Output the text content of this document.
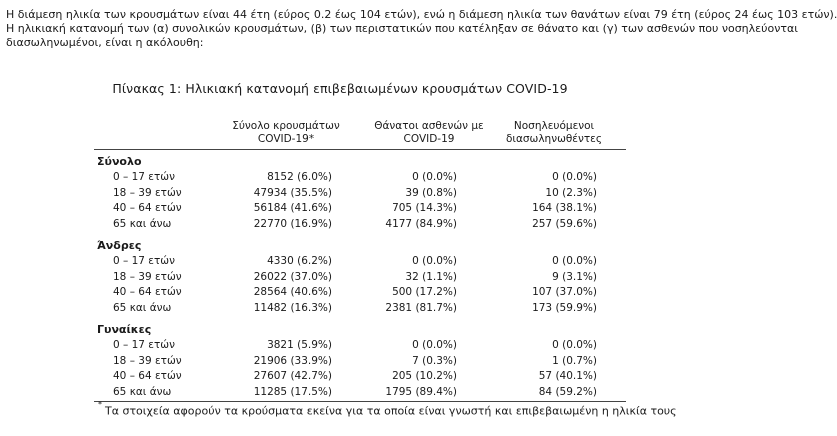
Η διάμεση ηλικία των κρουσμάτων είναι 44 έτη (εύρος 0.2 έως 104 ετών), ενώ η διάμεση ηλικία των θανάτων είναι 79 έτη (εύρος 24 έως 103 ετών).
Η ηλικιακή κατανομή των (α) συνολικών κρουσμάτων, (β) των περιστατικών που κατέληξαν σε θάνατο και (γ) των ασθενών που νοσηλεύονται
διασωληνωμένοι, είναι η ακόλουθη:
Πίνακας 1: Ηλικιακή κατανομή επιβεβαιωμένων κρουσμάτων COVID-19
Σύνολο κρουσμάτων
COVID-19*
Θάνατοι ασθενών με
COVID-19
Νοσηλευόμενοι
διασωληνωθέντες
Σύνολο
0 – 17 ετών	8152 (6.0%)	0 (0.0%)	0 (0.0%)
18 – 39 ετών	47934 (35.5%)	39 (0.8%)	10 (2.3%)
40 – 64 ετών	56184 (41.6%)	705 (14.3%)	164 (38.1%)
65 και άνω	22770 (16.9%)	4177 (84.9%)	257 (59.6%)
Άνδρες
0 – 17 ετών	4330 (6.2%)	0 (0.0%)	0 (0.0%)
18 – 39 ετών	26022 (37.0%)	32 (1.1%)	9 (3.1%)
40 – 64 ετών	28564 (40.6%)	500 (17.2%)	107 (37.0%)
65 και άνω	11482 (16.3%)	2381 (81.7%)	173 (59.9%)
Γυναίκες
0 – 17 ετών	3821 (5.9%)	0 (0.0%)	0 (0.0%)
18 – 39 ετών	21906 (33.9%)	7 (0.3%)	1 (0.7%)
40 – 64 ετών	27607 (42.7%)	205 (10.2%)	57 (40.1%)
65 και άνω	11285 (17.5%)	1795 (89.4%)	84 (59.2%)
*Τα στοιχεία αφορούν τα κρούσματα εκείνα για τα οποία είναι γνωστή και επιβεβαιωμένη η ηλικία τους
